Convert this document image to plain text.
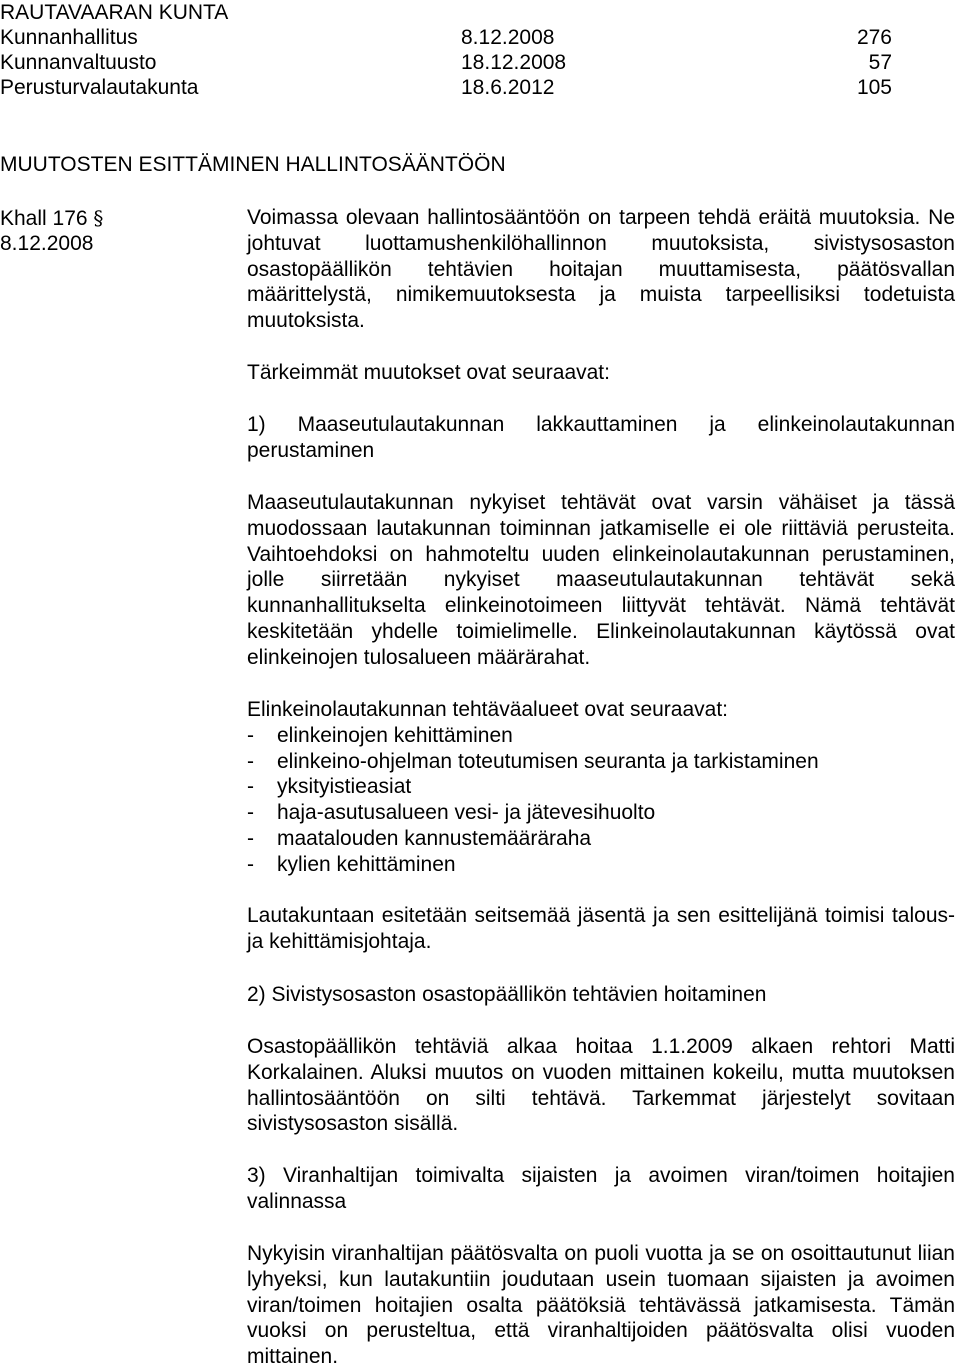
RAUTAVAARAN KUNTA
Kunnanhallitus	8.12.2008	276
Kunnanvaltuusto	18.12.2008	57
Perusturvalautakunta	18.6.2012	105
MUUTOSTEN ESITTÄMINEN HALLINTOSÄÄNTÖÖN
Khall 176 §
8.12.2008
Voimassa olevaan hallintosääntöön on tarpeen tehdä eräitä muutoksia. Ne johtuvat luottamushenkilöhallinnon muutoksista, sivistysosaston osastopäällikön tehtävien hoitajan muuttamisesta, päätösvallan määrittelystä, nimikemuutoksesta ja muista tarpeellisiksi todetuista muutoksista.
Tärkeimmät muutokset ovat seuraavat:
1) Maaseutulautakunnan lakkauttaminen ja elinkeinolautakunnan perustaminen
Maaseutulautakunnan nykyiset tehtävät ovat varsin vähäiset ja tässä muodossaan lautakunnan toiminnan jatkamiselle ei ole riittäviä perusteita. Vaihtoehdoksi on hahmoteltu uuden elinkeinolautakunnan perustaminen, jolle siirretään nykyiset maaseutulautakunnan tehtävät sekä kunnanhallitukselta elinkeinotoimeen liittyvät tehtävät. Nämä tehtävät keskitetään yhdelle toimielimelle. Elinkeinolautakunnan käytössä ovat elinkeinojen tulosalueen määrärahat.
Elinkeinolautakunnan tehtäväalueet ovat seuraavat:
- elinkeinojen kehittäminen
- elinkeino-ohjelman toteutumisen seuranta ja tarkistaminen
- yksityistieasiat
- haja-asutusalueen vesi- ja jätevesihuolto
- maatalouden kannustemääräraha
- kylien kehittäminen
Lautakuntaan esitetään seitsemää jäsentä ja sen esittelijänä toimisi talous- ja kehittämisjohtaja.
2) Sivistysosaston osastopäällikön tehtävien hoitaminen
Osastopäällikön tehtäviä alkaa hoitaa 1.1.2009 alkaen rehtori Matti Korkalainen. Aluksi muutos on vuoden mittainen kokeilu, mutta muutoksen hallintosääntöön on silti tehtävä. Tarkemmat järjestelyt sovitaan sivistysosaston sisällä.
3) Viranhaltijan toimivalta sijaisten ja avoimen viran/toimen hoitajien valinnassa
Nykyisin viranhaltijan päätösvalta on puoli vuotta ja se on osoittautunut liian lyhyeksi, kun lautakuntiin joudutaan usein tuomaan sijaisten ja avoimen viran/toimen hoitajien osalta päätöksiä tehtävässä jatkamisesta. Tämän vuoksi on perusteltua, että viranhaltijoiden päätösvalta olisi vuoden mittainen.
